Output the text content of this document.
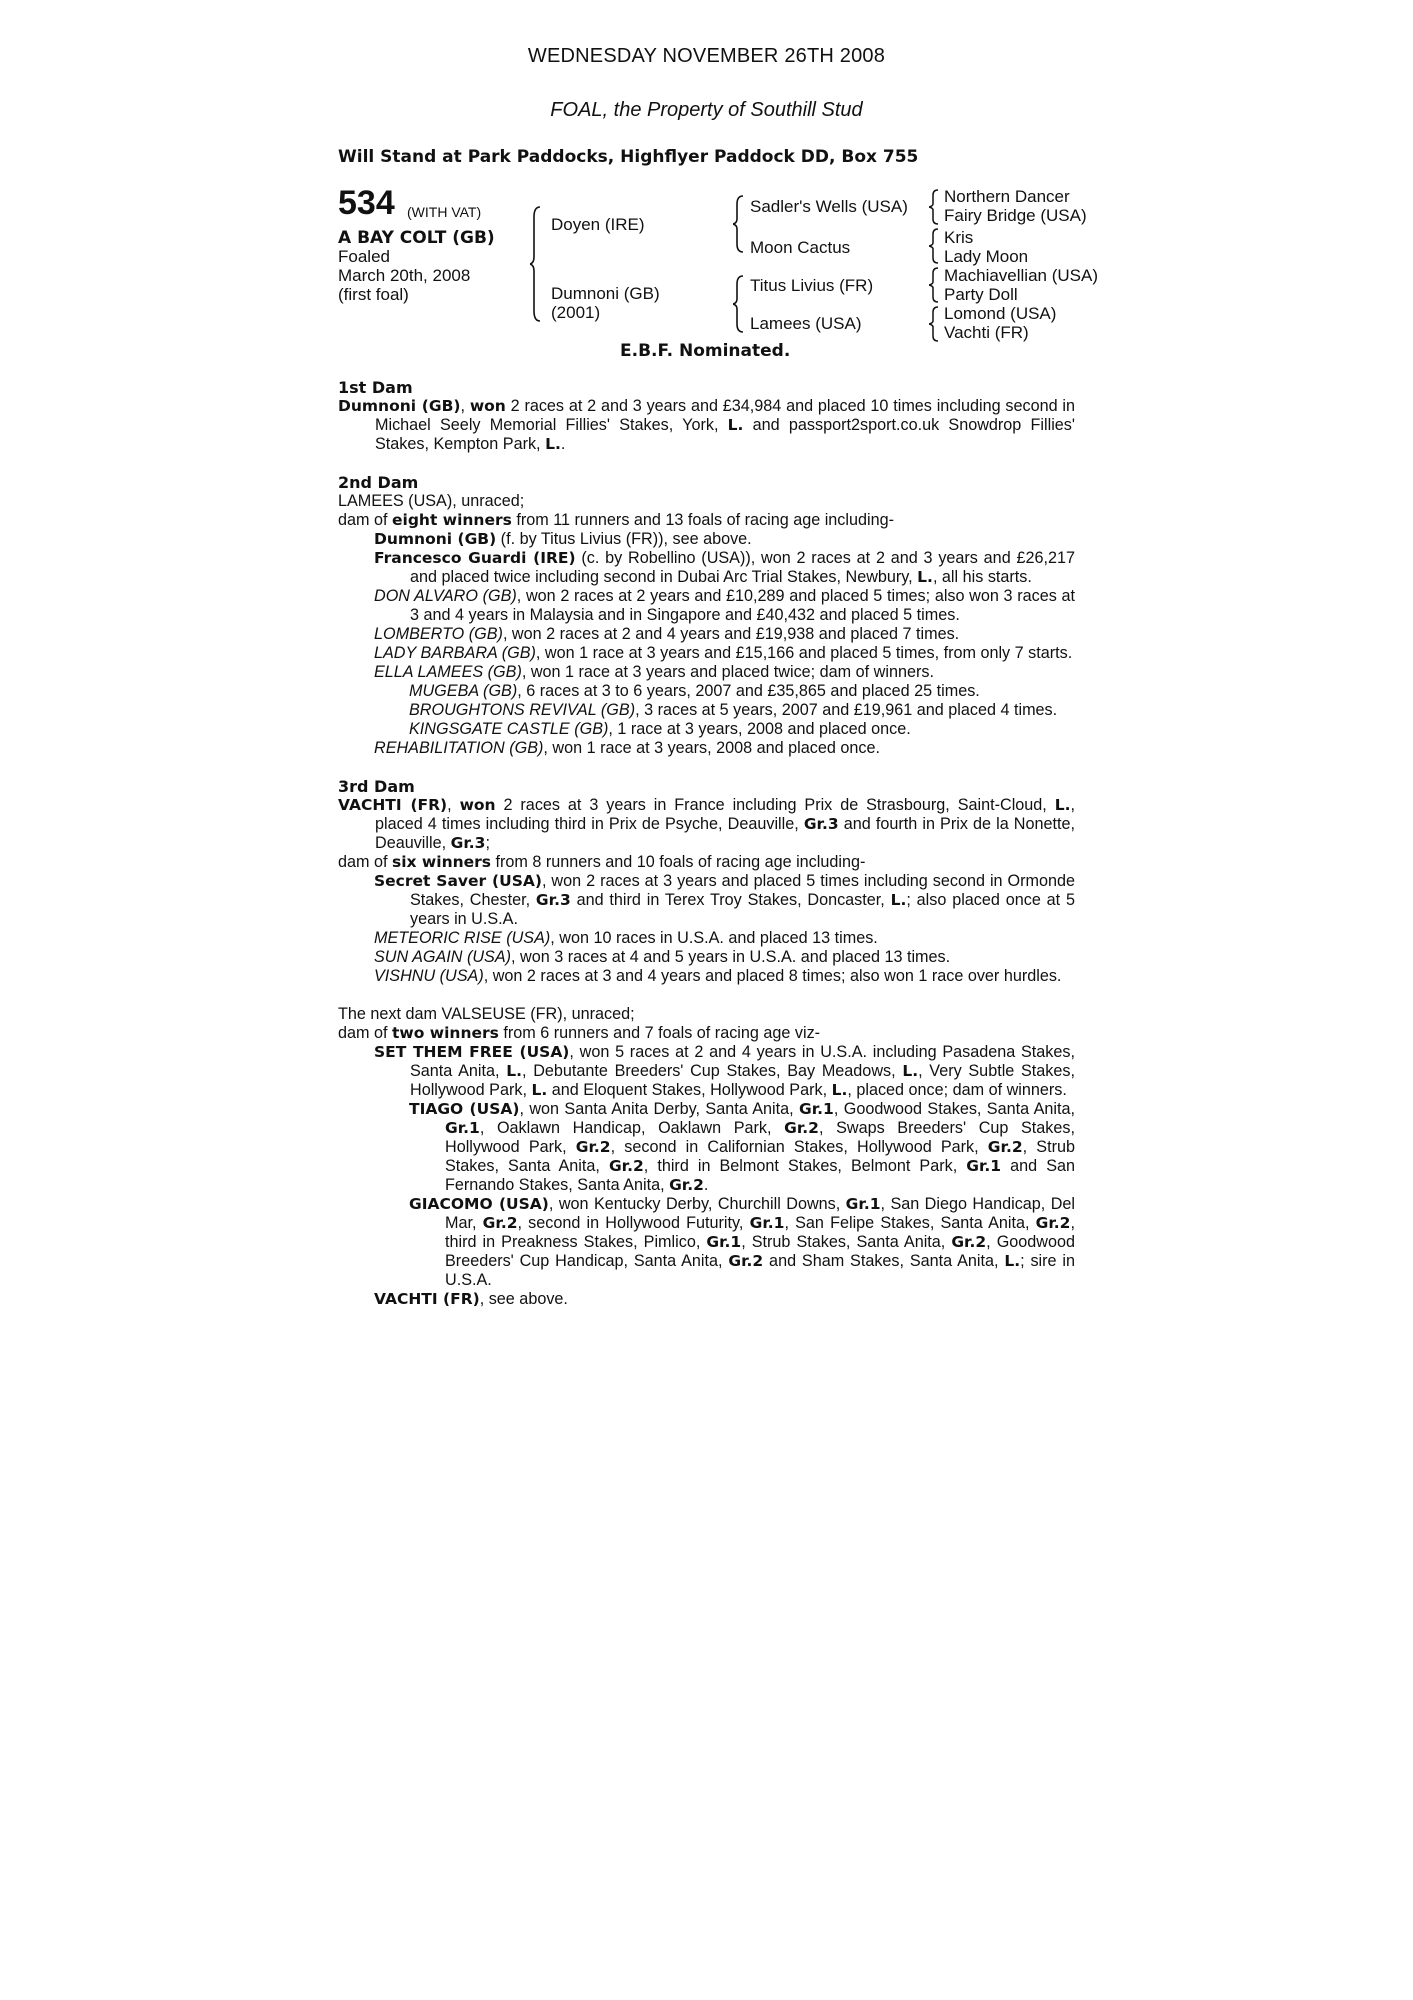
WEDNESDAY NOVEMBER 26TH 2008
FOAL, the Property of Southill Stud
Will Stand at Park Paddocks, Highflyer Paddock DD, Box 755
534 (WITH VAT)
A BAY COLT (GB)
Foaled
March 20th, 2008
(first foal)
Doyen (IRE)
Dumnoni (GB)
(2001)
Sadler's Wells (USA)
Moon Cactus
Titus Livius (FR)
Lamees (USA)
Northern Dancer
Fairy Bridge (USA)
Kris
Lady Moon
Machiavellian (USA)
Party Doll
Lomond (USA)
Vachti (FR)
E.B.F. Nominated.

1st Dam

Dumnoni (GB), won 2 races at 2 and 3 years and £34,984 and placed 10 times including second in Michael Seely Memorial Fillies' Stakes, York, L. and passport2sport.co.uk Snowdrop Fillies' Stakes, Kempton Park, L..

2nd Dam

LAMEES (USA), unraced;

dam of eight winners from 11 runners and 13 foals of racing age including-

Dumnoni (GB) (f. by Titus Livius (FR)), see above.

Francesco Guardi (IRE) (c. by Robellino (USA)), won 2 races at 2 and 3 years and £26,217 and placed twice including second in Dubai Arc Trial Stakes, Newbury, L., all his starts.

DON ALVARO (GB), won 2 races at 2 years and £10,289 and placed 5 times; also won 3 races at 3 and 4 years in Malaysia and in Singapore and £40,432 and placed 5 times.

LOMBERTO (GB), won 2 races at 2 and 4 years and £19,938 and placed 7 times.

LADY BARBARA (GB), won 1 race at 3 years and £15,166 and placed 5 times, from only 7 starts.

ELLA LAMEES (GB), won 1 race at 3 years and placed twice; dam of winners.

MUGEBA (GB), 6 races at 3 to 6 years, 2007 and £35,865 and placed 25 times.

BROUGHTONS REVIVAL (GB), 3 races at 5 years, 2007 and £19,961 and placed 4 times.

KINGSGATE CASTLE (GB), 1 race at 3 years, 2008 and placed once.

REHABILITATION (GB), won 1 race at 3 years, 2008 and placed once.

3rd Dam

VACHTI (FR), won 2 races at 3 years in France including Prix de Strasbourg, Saint-Cloud, L., placed 4 times including third in Prix de Psyche, Deauville, Gr.3 and fourth in Prix de la Nonette, Deauville, Gr.3;

dam of six winners from 8 runners and 10 foals of racing age including-

Secret Saver (USA), won 2 races at 3 years and placed 5 times including second in Ormonde Stakes, Chester, Gr.3 and third in Terex Troy Stakes, Doncaster, L.; also placed once at 5 years in U.S.A.

METEORIC RISE (USA), won 10 races in U.S.A. and placed 13 times.

SUN AGAIN (USA), won 3 races at 4 and 5 years in U.S.A. and placed 13 times.

VISHNU (USA), won 2 races at 3 and 4 years and placed 8 times; also won 1 race over hurdles.

The next dam VALSEUSE (FR), unraced;

dam of two winners from 6 runners and 7 foals of racing age viz-

SET THEM FREE (USA), won 5 races at 2 and 4 years in U.S.A. including Pasadena Stakes, Santa Anita, L., Debutante Breeders' Cup Stakes, Bay Meadows, L., Very Subtle Stakes, Hollywood Park, L. and Eloquent Stakes, Hollywood Park, L., placed once; dam of winners.

TIAGO (USA), won Santa Anita Derby, Santa Anita, Gr.1, Goodwood Stakes, Santa Anita, Gr.1, Oaklawn Handicap, Oaklawn Park, Gr.2, Swaps Breeders' Cup Stakes, Hollywood Park, Gr.2, second in Californian Stakes, Hollywood Park, Gr.2, Strub Stakes, Santa Anita, Gr.2, third in Belmont Stakes, Belmont Park, Gr.1 and San Fernando Stakes, Santa Anita, Gr.2.

GIACOMO (USA), won Kentucky Derby, Churchill Downs, Gr.1, San Diego Handicap, Del Mar, Gr.2, second in Hollywood Futurity, Gr.1, San Felipe Stakes, Santa Anita, Gr.2, third in Preakness Stakes, Pimlico, Gr.1, Strub Stakes, Santa Anita, Gr.2, Goodwood Breeders' Cup Handicap, Santa Anita, Gr.2 and Sham Stakes, Santa Anita, L.; sire in U.S.A.

VACHTI (FR), see above.
